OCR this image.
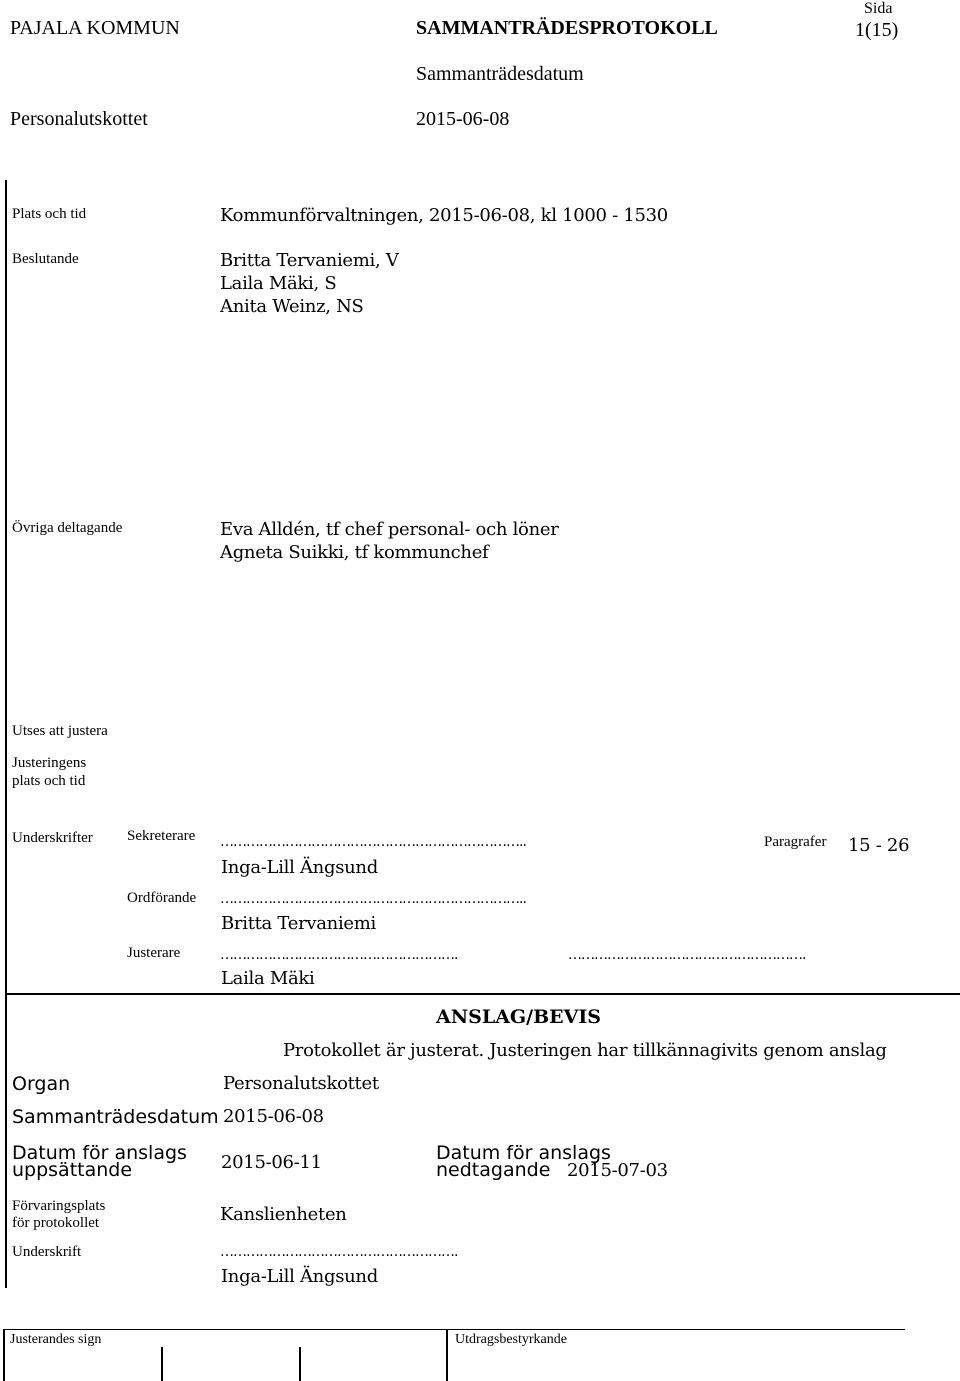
PAJALA KOMMUN	SAMMANTRÄDESPROTOKOLL
Sida
1(15)
Sammanträdesdatum
Personalutskottet	2015-06-08
Plats och tid	Kommunförvaltningen, 2015-06-08, kl 1000 - 1530
Beslutande	Britta Tervaniemi, V
Laila Mäki, S
Anita Weinz, NS
Övriga deltagande	Eva Alldén, tf chef personal- och löner
Agneta Suikki, tf kommunchef
Utses att justera
Justeringens
plats och tid
Underskrifter Sekreterare ……………………………………………………………..
Inga-Lill Ängsund
Paragrafer 15 - 26
Ordförande ……………………………………………………………..
Britta Tervaniemi
Justerare	……………………………………………….	……………………………………………….
Laila Mäki
ANSLAG/BEVIS
Protokollet är justerat. Justeringen har tillkännagivits genom anslag
Organ	Personalutskottet
Sammanträdesdatum 2015-06-08
Datum för anslags
uppsättande	2015-06-11	Datum för anslags
nedtagande 2015-07-03
Förvaringsplats
för protokollet	Kanslienheten
Underskrift	……………………………………………….
Inga-Lill Ängsund
Justerandes sign	Utdragsbestyrkande
